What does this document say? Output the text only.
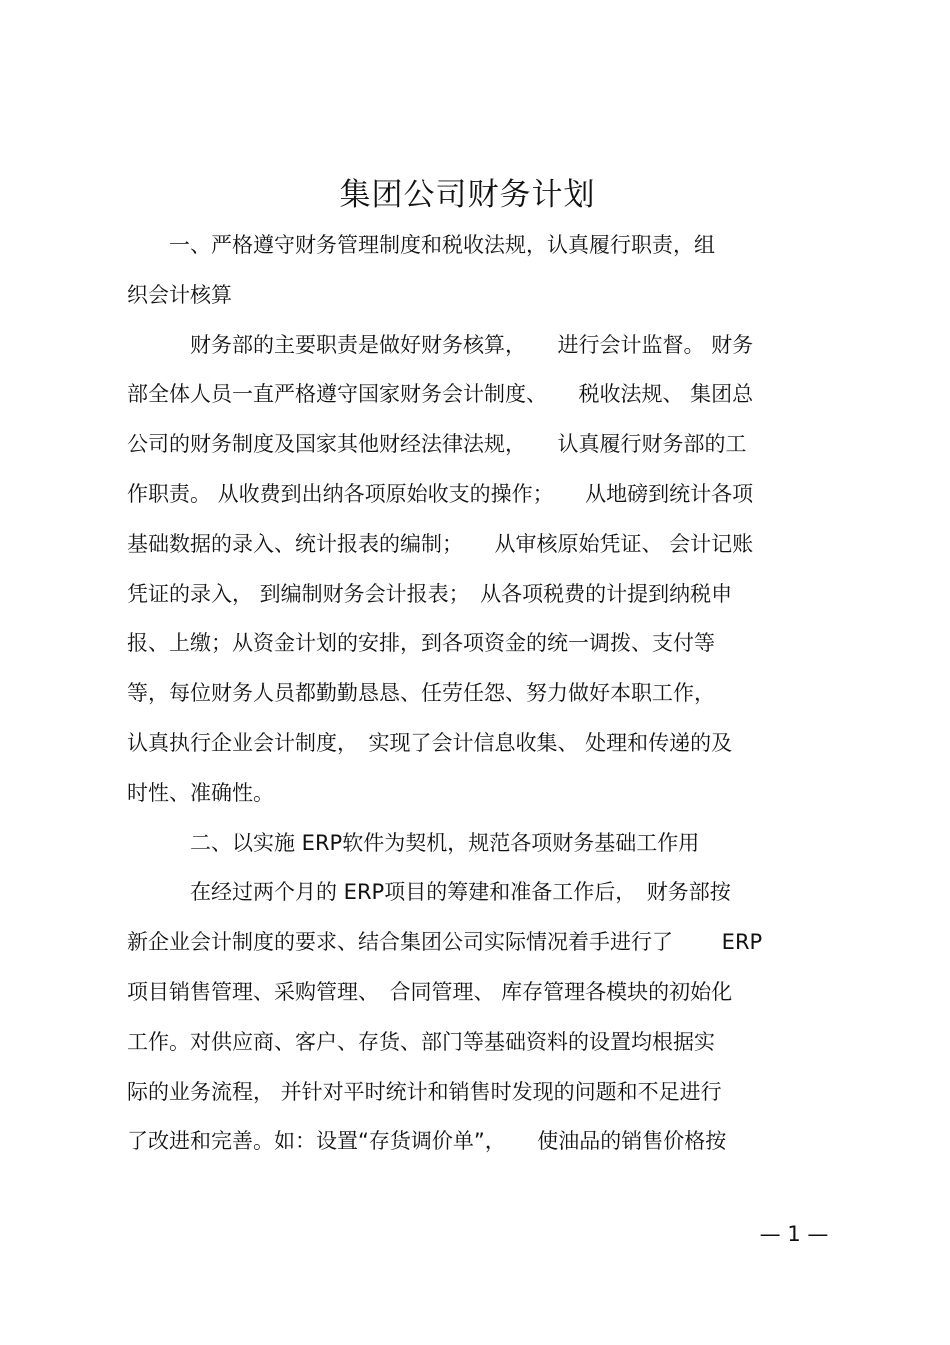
集团公司财务计划
　　一、严格遵守财务管理制度和税收法规，认真履行职责，组
织会计核算
　　　财务部的主要职责是做好财务核算，　　进行会计监督。 财务
部全体人员一直严格遵守国家财务会计制度、　　税收法规、 集团总
公司的财务制度及国家其他财经法律法规，　　认真履行财务部的工
作职责。 从收费到出纳各项原始收支的操作；　　从地磅到统计各项
基础数据的录入、统计报表的编制；　　从审核原始凭证、 会计记账
凭证的录入， 到编制财务会计报表；　从各项税费的计提到纳税申
报、上缴；从资金计划的安排，到各项资金的统一调拨、支付等
等，每位财务人员都勤勤恳恳、任劳任怨、努力做好本职工作，
认真执行企业会计制度，　实现了会计信息收集、 处理和传递的及
时性、准确性。
　　　二、以实施 ERP软件为契机，规范各项财务基础工作用
　　　在经过两个月的 ERP项目的筹建和准备工作后，　财务部按
新企业会计制度的要求、结合集团公司实际情况着手进行了　　 ERP
项目销售管理、采购管理、　合同管理、 库存管理各模块的初始化
工作。对供应商、客户、存货、部门等基础资料的设置均根据实
际的业务流程， 并针对平时统计和销售时发现的问题和不足进行
了改进和完善。如：设置“存货调价单”，　　使油品的销售价格按
— 1 —
